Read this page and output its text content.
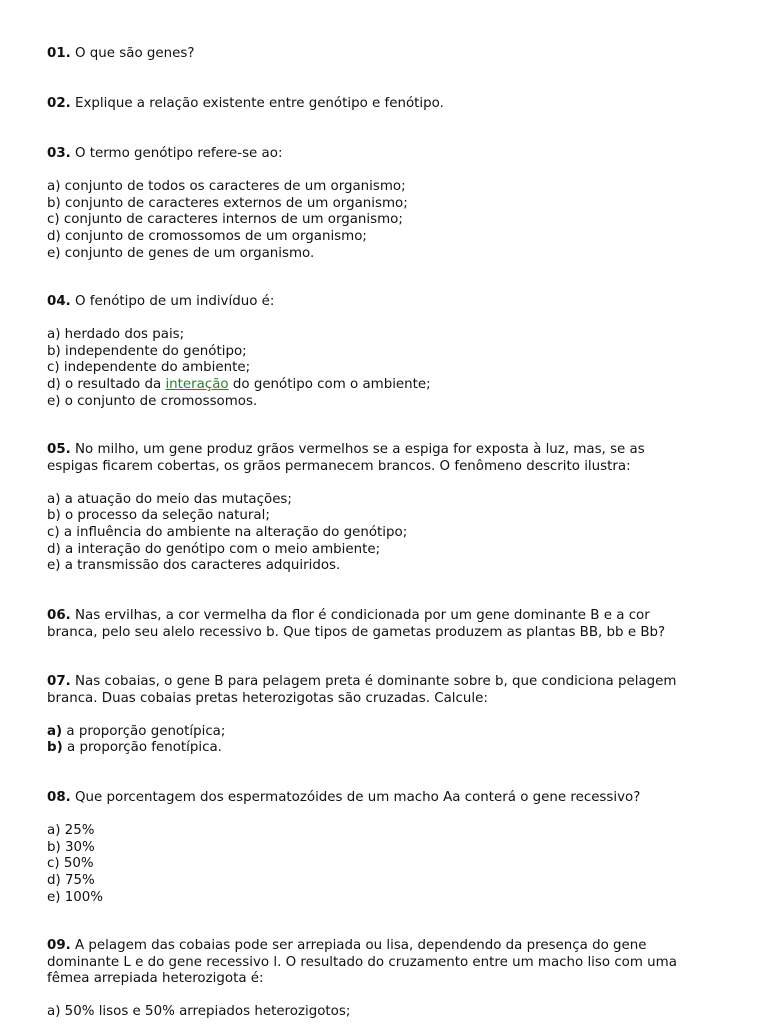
01. O que são genes?
02. Explique a relação existente entre genótipo e fenótipo.
03. O termo genótipo refere-se ao:
a) conjunto de todos os caracteres de um organismo;
b) conjunto de caracteres externos de um organismo;
c) conjunto de caracteres internos de um organismo;
d) conjunto de cromossomos de um organismo;
e) conjunto de genes de um organismo.
04. O fenótipo de um indivíduo é:
a) herdado dos pais;
b) independente do genótipo;
c) independente do ambiente;
d) o resultado da interação do genótipo com o ambiente;
e) o conjunto de cromossomos.
05. No milho, um gene produz grãos vermelhos se a espiga for exposta à luz, mas, se as
espigas ficarem cobertas, os grãos permanecem brancos. O fenômeno descrito ilustra:
a) a atuação do meio das mutações;
b) o processo da seleção natural;
c) a influência do ambiente na alteração do genótipo;
d) a interação do genótipo com o meio ambiente;
e) a transmissão dos caracteres adquiridos.
06. Nas ervilhas, a cor vermelha da flor é condicionada por um gene dominante B e a cor
branca, pelo seu alelo recessivo b. Que tipos de gametas produzem as plantas BB, bb e Bb?
07. Nas cobaias, o gene B para pelagem preta é dominante sobre b, que condiciona pelagem
branca. Duas cobaias pretas heterozigotas são cruzadas. Calcule:
a) a proporção genotípica;
b) a proporção fenotípica.
08. Que porcentagem dos espermatozóides de um macho Aa conterá o gene recessivo?
a) 25%
b) 30%
c) 50%
d) 75%
e) 100%
09. A pelagem das cobaias pode ser arrepiada ou lisa, dependendo da presença do gene
dominante L e do gene recessivo l. O resultado do cruzamento entre um macho liso com uma
fêmea arrepiada heterozigota é:
a) 50% lisos e 50% arrepiados heterozigotos;
